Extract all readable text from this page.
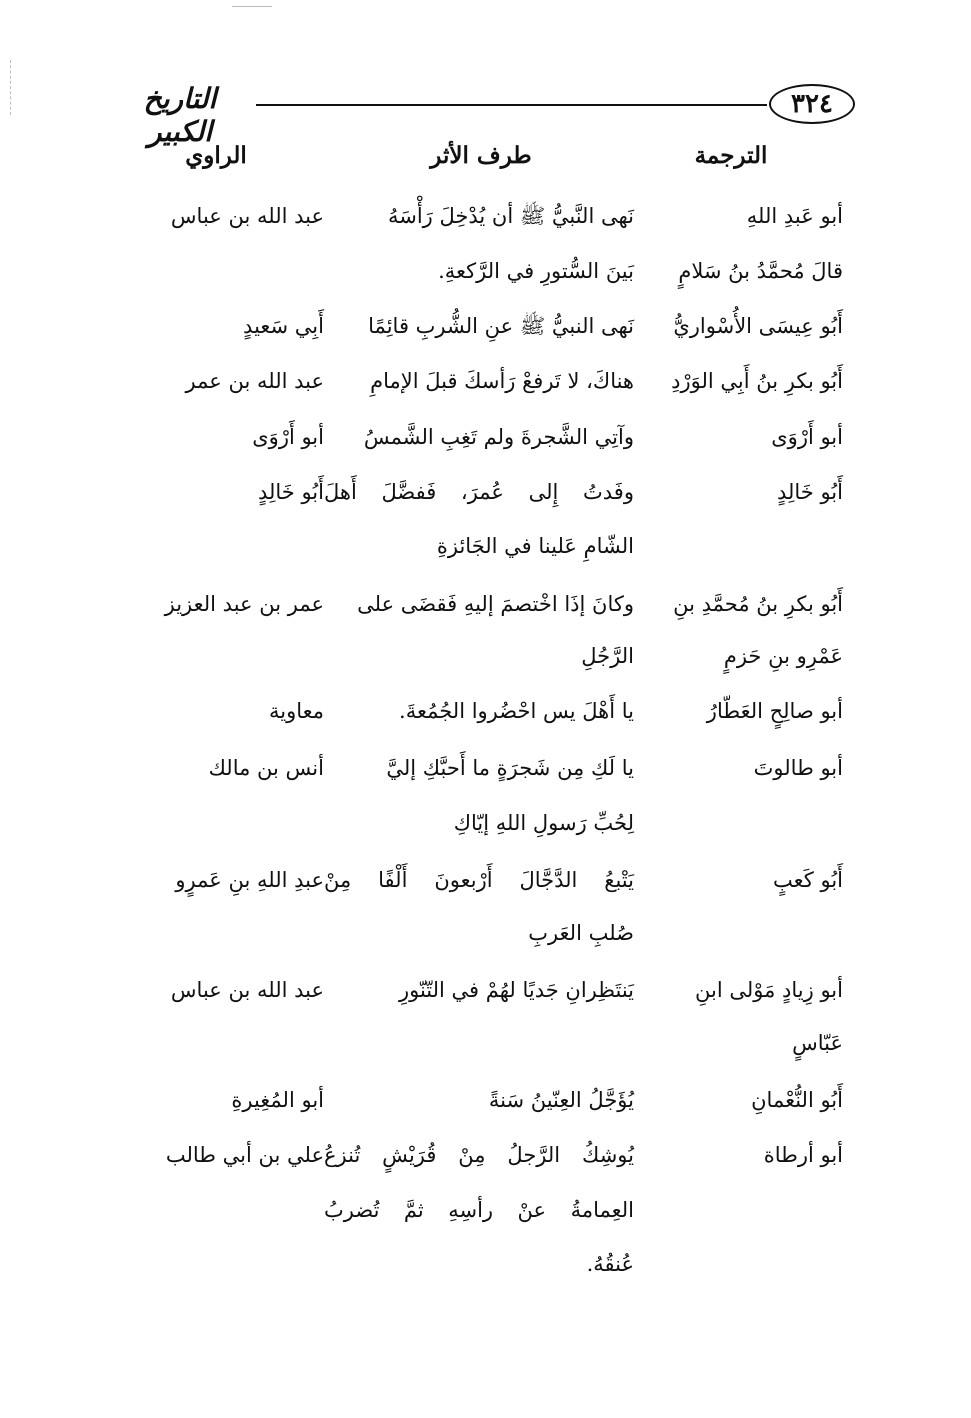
٣٢٤
التاريخ الكبير
الترجمة
طرف الأثر
الراوي
أبو عَبدِ اللهِ
نَهى النَّبيُّ ﷺ أن يُدْخِلَ رَأْسَهُ
عبد الله بن عباس
قالَ مُحمَّدُ بنُ سَلامٍ
بَينَ السُّتورِ في الرَّكعةِ.
أَبُو عِيسَى الأُسْواريُّ
نَهى النبيُّ ﷺ عنِ الشُّربِ قائِمًا
أَبِي سَعيدٍ
أَبُو بكرِ بنُ أَبِي الوَرْدِ
هناكَ، لا تَرفعْ رَأسكَ قبلَ الإمامِ
عبد الله بن عمر
أبو أَرْوَى
وآتِي الشَّجرةَ ولم تَغِبِ الشَّمسُ
أبو أَرْوَى
أَبُو خَالِدٍ
وفَدتُ إِلى عُمرَ، فَفضَّلَ أَهلَ
أَبُو خَالِدٍ
الشّامِ عَلينا في الجَائزةِ
أَبُو بكرِ بنُ مُحمَّدِ بنِ
وكانَ إذَا اخْتصمَ إليهِ فَقضَى على
عمر بن عبد العزيز
عَمْرِو بنِ حَزمٍ
الرَّجُلِ
أبو صالِحٍ العَطّارُ
يا أَهْلَ يس احْضُروا الجُمُعةَ.
معاوية
أبو طالوتَ
يا لَكِ مِن شَجرَةٍ ما أَحبَّكِ إليَّ
أنس بن مالك
لِحُبِّ رَسولِ اللهِ إيّاكِ
أَبُو كَعبٍ
يَتْبعُ الدَّجَّالَ أَرْبعونَ أَلْفًا مِنْ
عبدِ اللهِ بنِ عَمرٍو
صُلبِ العَربِ
أبو زِيادٍ مَوْلى ابنِ
يَنتَظِرانِ جَديًا لهُمْ في التّنّورِ
عبد الله بن عباس
عَبّاسٍ
أَبُو النُّعْمانِ
يُؤَجَّلُ العِنّينُ سَنةً
أبو المُغِيرةِ
أبو أرطاة
يُوشِكُ الرَّجلُ مِنْ قُرَيْشٍ تُنزعُ
علي بن أبي طالب
العِمامةُ عنْ رأسِهِ ثمَّ تُضربُ
عُنقُهُ.
